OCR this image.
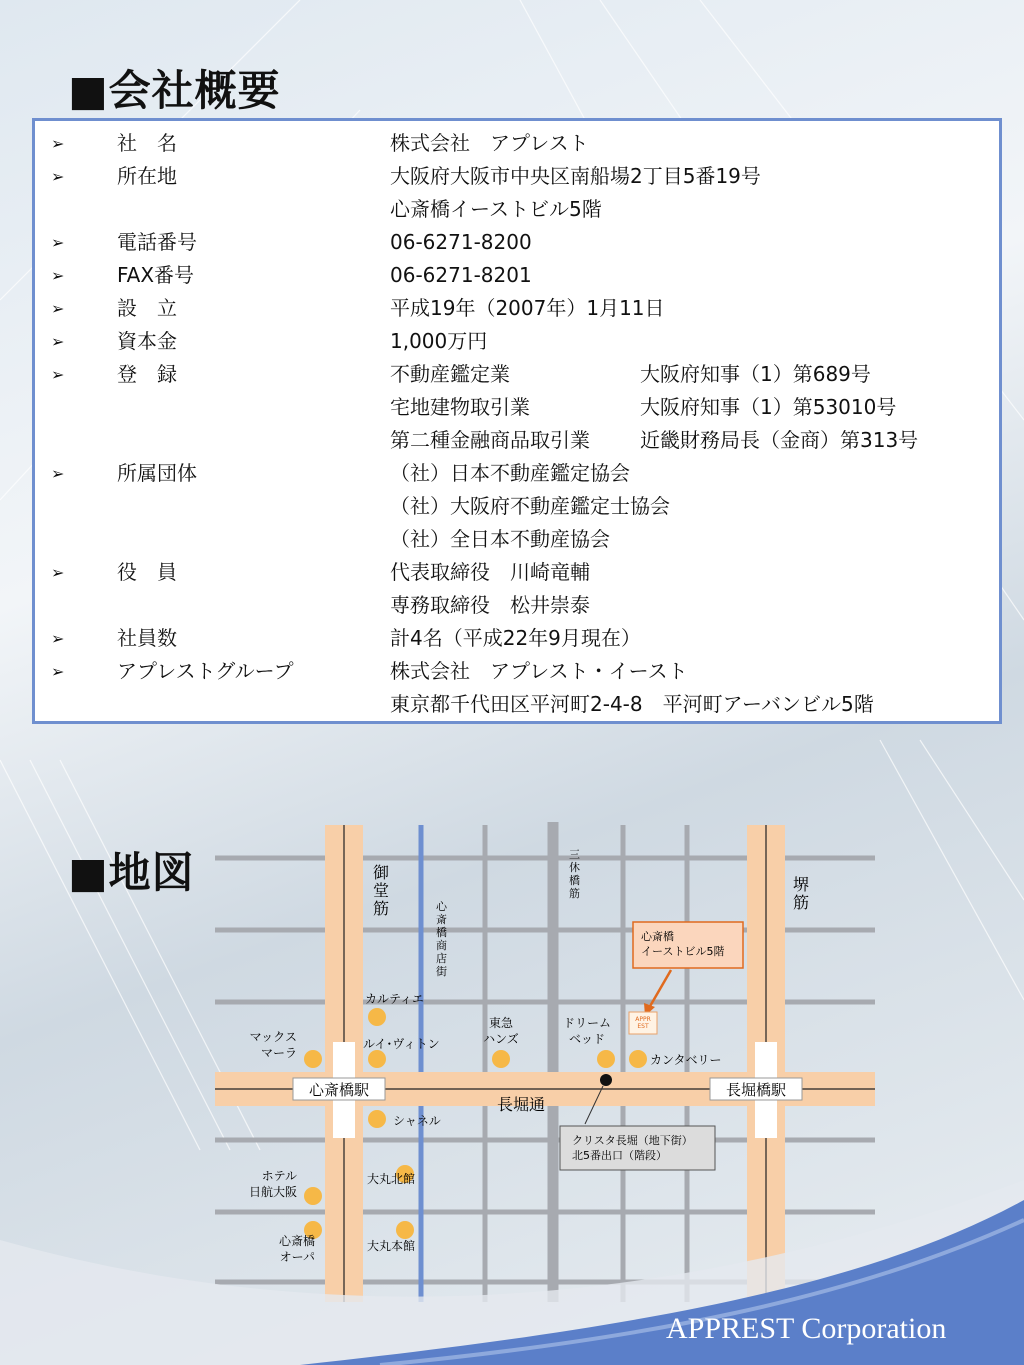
■会社概要
➢	社　名	株式会社　アプレスト
➢	所在地	大阪府大阪市中央区南船場2丁目5番19号
心斎橋イーストビル5階
➢	電話番号	06-6271-8200
➢	FAX番号	06-6271-8201
➢	設　立	平成19年（2007年）1月11日
➢	資本金	1,000万円
➢	登　録	不動産鑑定業	大阪府知事（1）第689号
宅地建物取引業	大阪府知事（1）第53010号
第二種金融商品取引業	近畿財務局長（金商）第313号
➢	所属団体	（社）日本不動産鑑定協会
（社）大阪府不動産鑑定士協会
（社）全日本不動産協会
➢	役　員	代表取締役　川崎竜輔
専務取締役　松井崇泰
➢	社員数	計4名（平成22年9月現在）
➢	アプレストグループ	株式会社　アプレスト・イースト
東京都千代田区平河町2-4-8　平河町アーバンビル5階
■地図
心斎橋駅	長堀橋駅
長堀通
御堂筋
堺筋
心斎橋商店街
三休橋筋
カルティエ
ルイ･ヴィトン
マックスマーラ
東急ハンズ
ドリームベッド
カンタベリー
シャネル
ホテル日航大阪
大丸北館
心斎橋オーパ
大丸本館
心斎橋イーストビル5階
APPR EST
クリスタ長堀（地下街）北5番出口（階段）
APPREST Corporation
